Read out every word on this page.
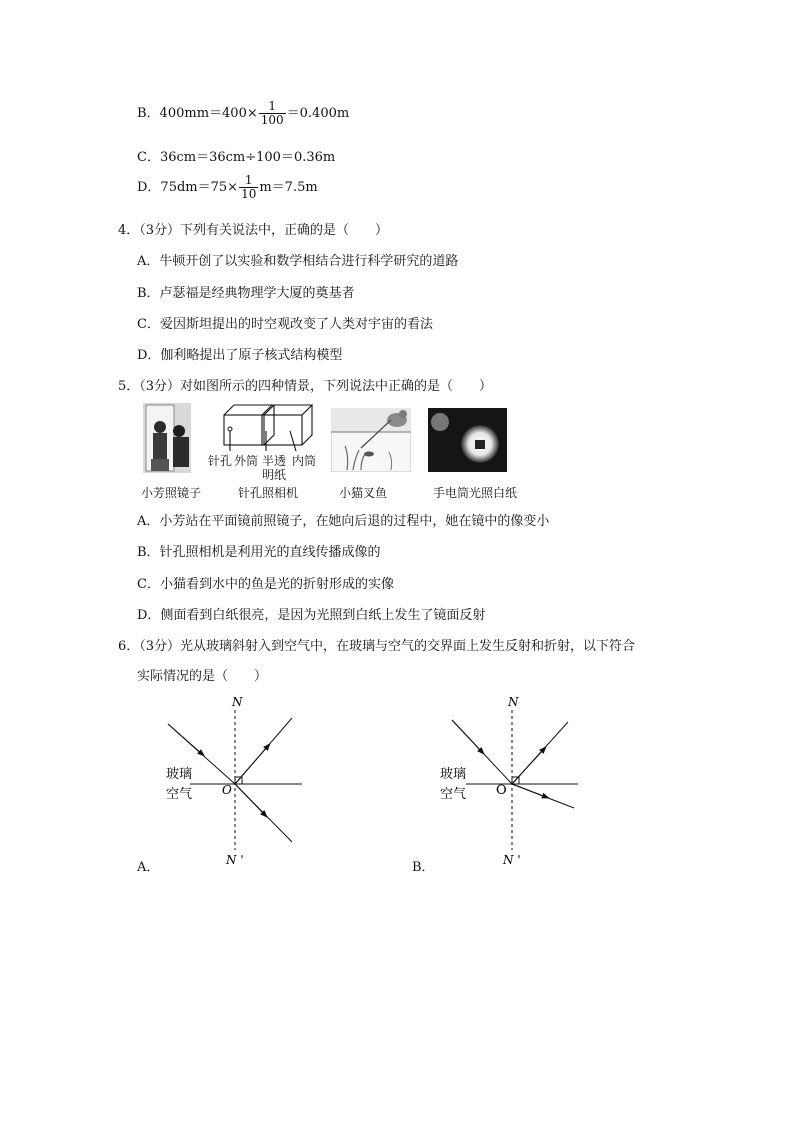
B．$400mm=400\times \frac{1}{100} =0.400m$
C．36cm＝36cm÷100＝0.36m
D．$75dm=75\times \frac{1}{10} m=7.5m$
4．（3分）下列有关说法中，正确的是（　　）
A．牛顿开创了以实验和数学相结合进行科学研究的道路
B．卢瑟福是经典物理学大厦的奠基者
C．爱因斯坦提出的时空观改变了人类对宇宙的看法
D．伽利略提出了原子核式结构模型
5．（3分）对如图所示的四种情景，下列说法中正确的是（　　）
针孔 外筒 半透
明纸
内筒
小芳照镜子	针孔照相机	小猫叉鱼	手电筒光照白纸
A．小芳站在平面镜前照镜子，在她向后退的过程中，她在镜中的像变小
B．针孔照相机是利用光的直线传播成像的
C．小猫看到水中的鱼是光的折射形成的实像
D．侧面看到白纸很亮，是因为光照到白纸上发生了镜面反射
6．（3分）光从玻璃斜射入到空气中，在玻璃与空气的交界面上发生反射和折射，以下符合
实际情况的是（　　）
N
N '
O
玻璃
空气
A．
N
N '
O
玻璃
空气
B．
